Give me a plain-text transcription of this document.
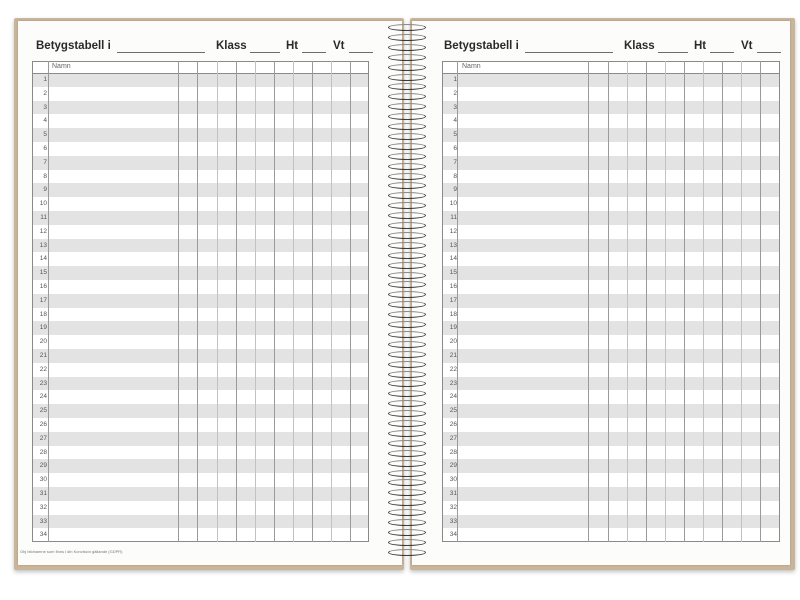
Betygstabell i	Klass	Ht	Vt
Namn
1
2
3
4
5
6
7
8
9
10
11
12
13
14
15
16
17
18
19
20
21
22
23
24
25
26
27
28
29
30
31
32
33
34
Obj bildnamne som finns i din Konvision gällande (GDPR)
Betygstabell i	Klass	Ht	Vt
Namn
1
2
3
4
5
6
7
8
9
10
11
12
13
14
15
16
17
18
19
20
21
22
23
24
25
26
27
28
29
30
31
32
33
34
